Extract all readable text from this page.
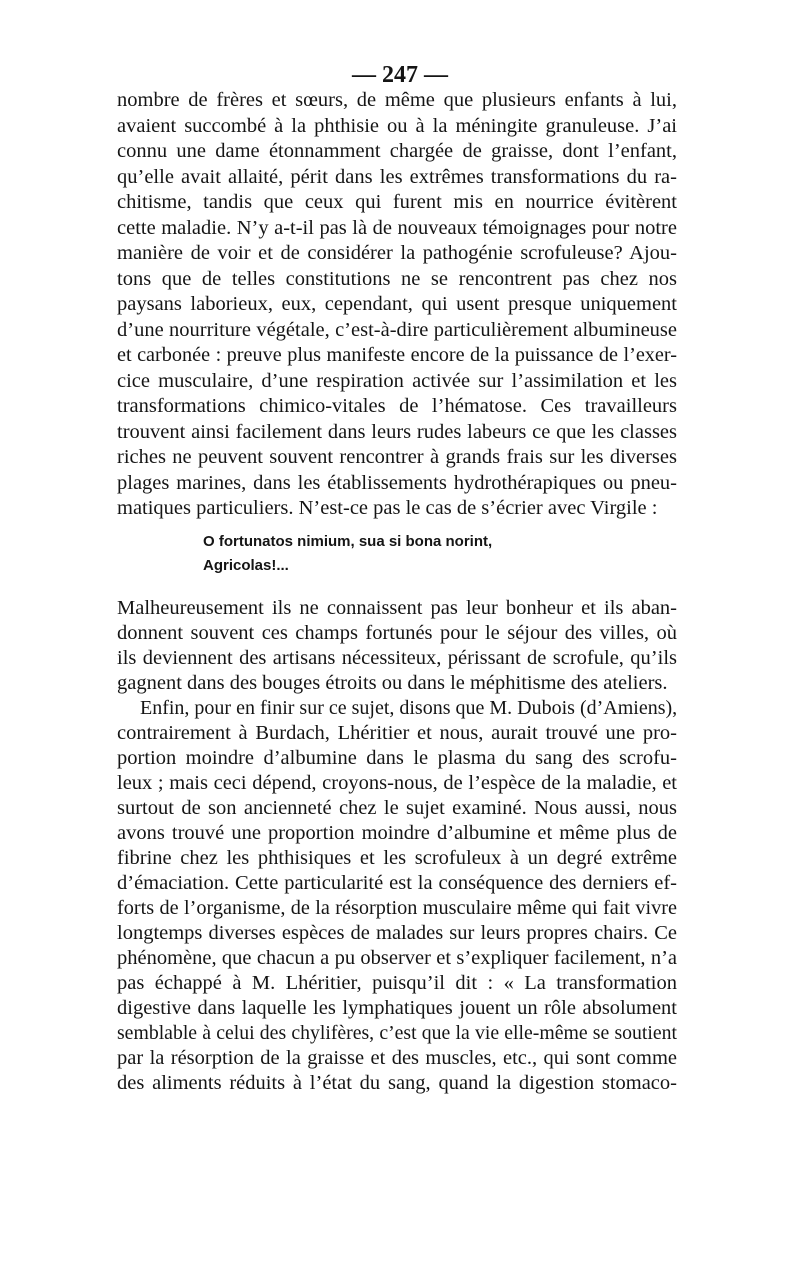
— 247 —
nombre de frères et sœurs, de même que plusieurs enfants à lui,
avaient succombé à la phthisie ou à la méningite granuleuse. J’ai
connu une dame étonnamment chargée de graisse, dont l’enfant,
qu’elle avait allaité, périt dans les extrêmes transformations du ra-
chitisme, tandis que ceux qui furent mis en nourrice évitèrent
cette maladie. N’y a-t-il pas là de nouveaux témoignages pour notre
manière de voir et de considérer la pathogénie scrofuleuse? Ajou-
tons que de telles constitutions ne se rencontrent pas chez nos
paysans laborieux, eux, cependant, qui usent presque uniquement
d’une nourriture végétale, c’est-à-dire particulièrement albumineuse
et carbonée : preuve plus manifeste encore de la puissance de l’exer-
cice musculaire, d’une respiration activée sur l’assimilation et les
transformations chimico-vitales de l’hématose. Ces travailleurs
trouvent ainsi facilement dans leurs rudes labeurs ce que les classes
riches ne peuvent souvent rencontrer à grands frais sur les diverses
plages marines, dans les établissements hydrothérapiques ou pneu-
matiques particuliers. N’est-ce pas le cas de s’écrier avec Virgile :
O fortunatos nimium, sua si bona norint,
Agricolas!...
Malheureusement ils ne connaissent pas leur bonheur et ils aban-
donnent souvent ces champs fortunés pour le séjour des villes, où
ils deviennent des artisans nécessiteux, périssant de scrofule, qu’ils
gagnent dans des bouges étroits ou dans le méphitisme des ateliers.
Enfin, pour en finir sur ce sujet, disons que M. Dubois (d’Amiens),
contrairement à Burdach, Lhéritier et nous, aurait trouvé une pro-
portion moindre d’albumine dans le plasma du sang des scrofu-
leux ; mais ceci dépend, croyons-nous, de l’espèce de la maladie, et
surtout de son ancienneté chez le sujet examiné. Nous aussi, nous
avons trouvé une proportion moindre d’albumine et même plus de
fibrine chez les phthisiques et les scrofuleux à un degré extrême
d’émaciation. Cette particularité est la conséquence des derniers ef-
forts de l’organisme, de la résorption musculaire même qui fait vivre
longtemps diverses espèces de malades sur leurs propres chairs. Ce
phénomène, que chacun a pu observer et s’expliquer facilement, n’a
pas échappé à M. Lhéritier, puisqu’il dit : « La transformation
digestive dans laquelle les lymphatiques jouent un rôle absolument
semblable à celui des chylifères, c’est que la vie elle-même se soutient
par la résorption de la graisse et des muscles, etc., qui sont comme
des aliments réduits à l’état du sang, quand la digestion stomaco-
